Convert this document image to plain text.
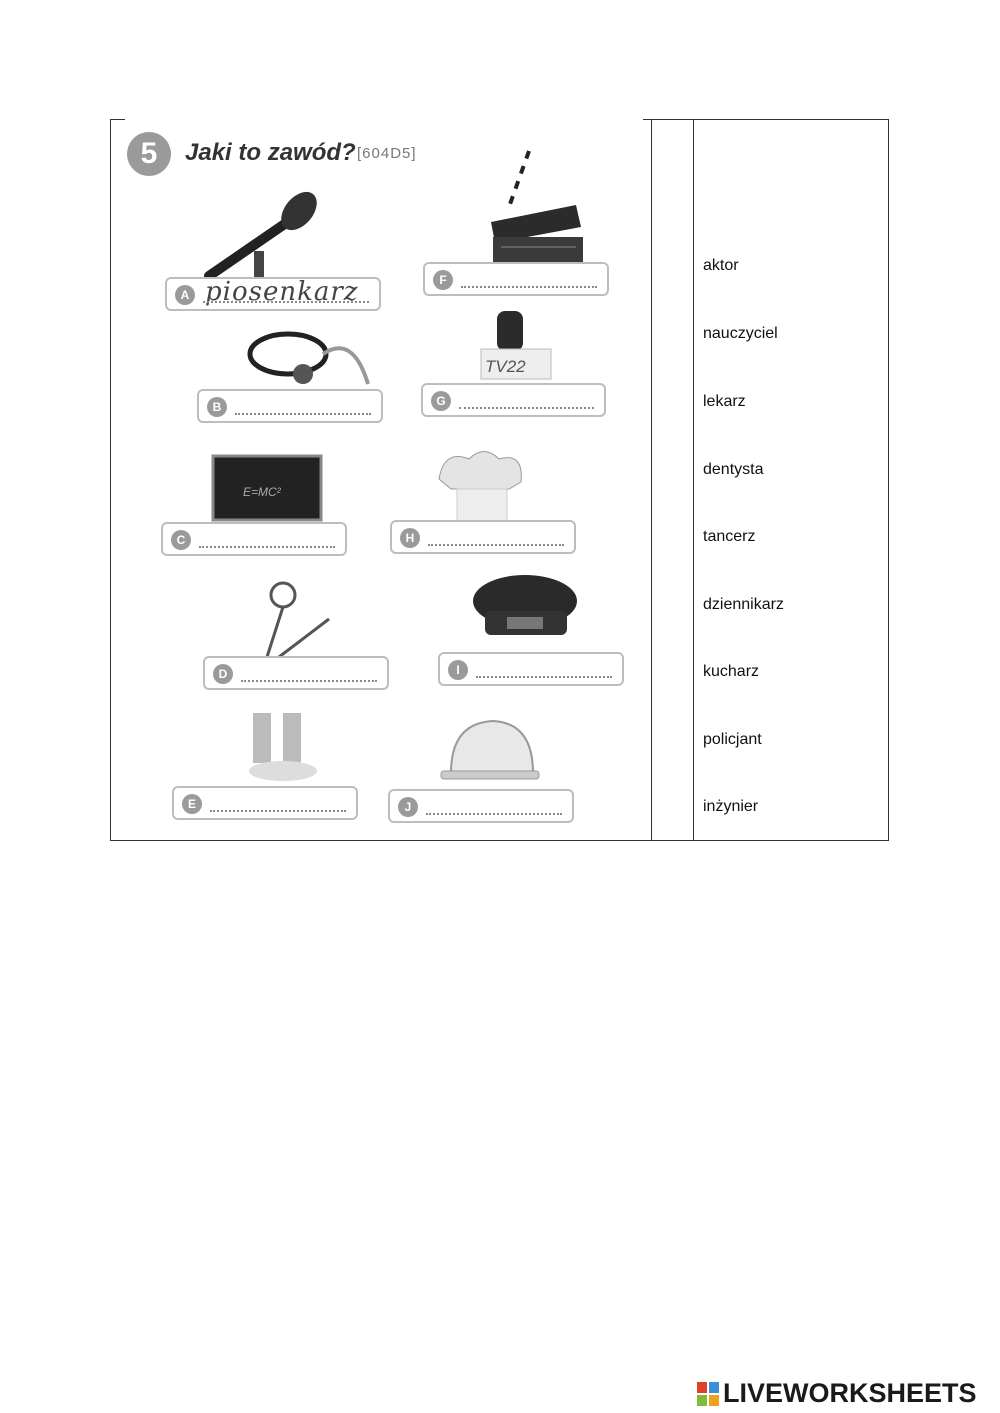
5	Jaki to zawód? [604D5]
A piosenkarz	F
TV22
B	G
E=MC²
C	H
D	I
E	J
aktor
nauczyciel
lekarz
dentysta
tancerz
dziennikarz
kucharz
policjant
inżynier
LIVEWORKSHEETS
